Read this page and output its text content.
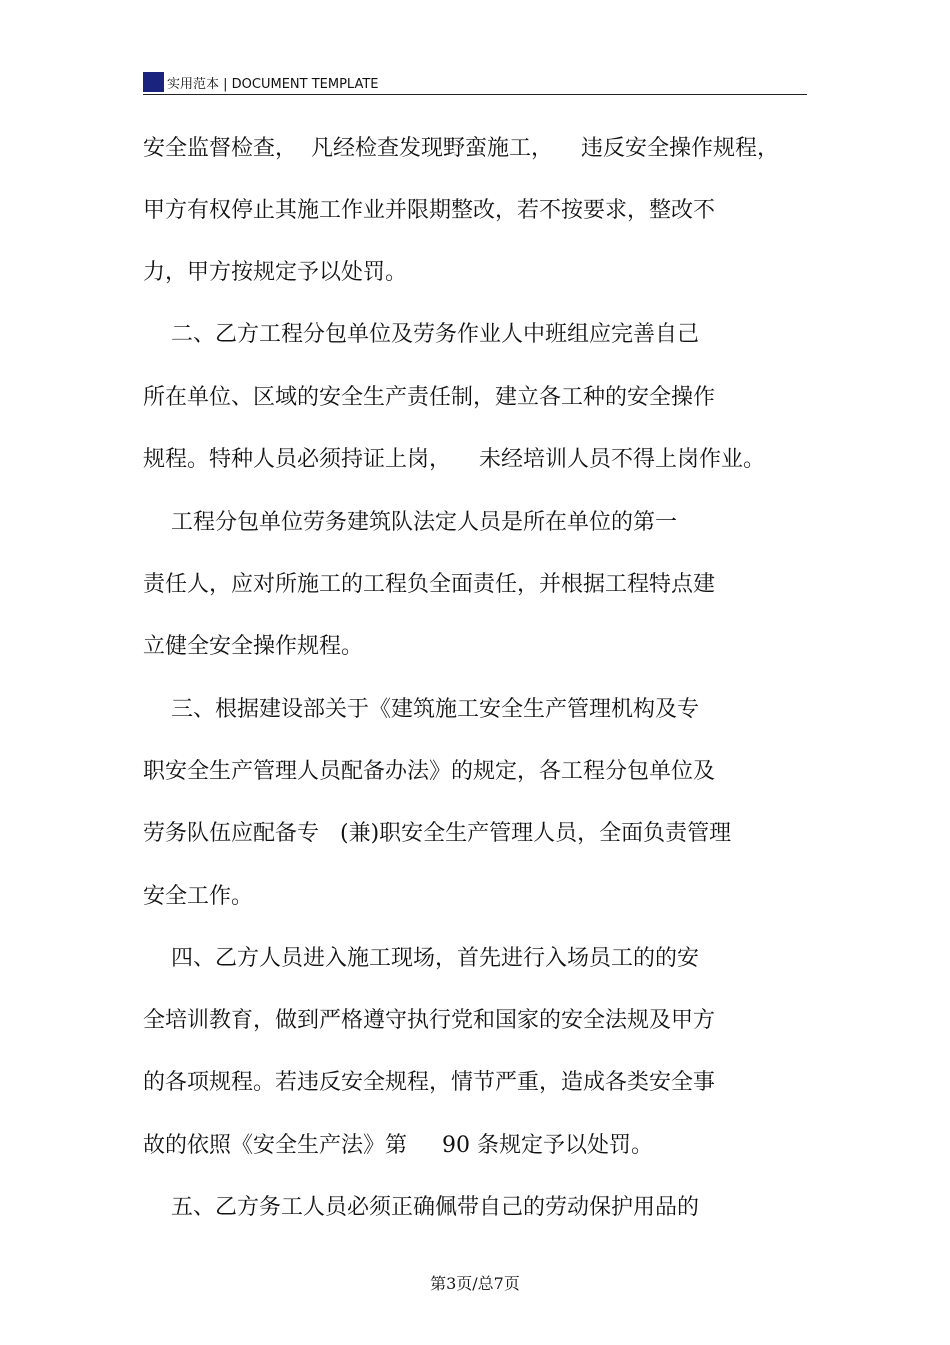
实用范本 | DOCUMENT TEMPLATE
安全监督检查，  凡经检查发现野蛮施工，    违反安全操作规程，
甲方有权停止其施工作业并限期整改，若不按要求，整改不
力，甲方按规定予以处罚。
二、乙方工程分包单位及劳务作业人中班组应完善自己
所在单位、区域的安全生产责任制，建立各工种的安全操作
规程。特种人员必须持证上岗，    未经培训人员不得上岗作业。
工程分包单位劳务建筑队法定人员是所在单位的第一
责任人，应对所施工的工程负全面责任，并根据工程特点建
立健全安全操作规程。
三、根据建设部关于《建筑施工安全生产管理机构及专
职安全生产管理人员配备办法》的规定，各工程分包单位及
劳务队伍应配备专   (兼)职安全生产管理人员，全面负责管理
安全工作。
四、乙方人员进入施工现场，首先进行入场员工的的安
全培训教育，做到严格遵守执行党和国家的安全法规及甲方
的各项规程。若违反安全规程，情节严重，造成各类安全事
故的依照《安全生产法》第     90 条规定予以处罚。
五、乙方务工人员必须正确佩带自己的劳动保护用品的
第3页/总7页
